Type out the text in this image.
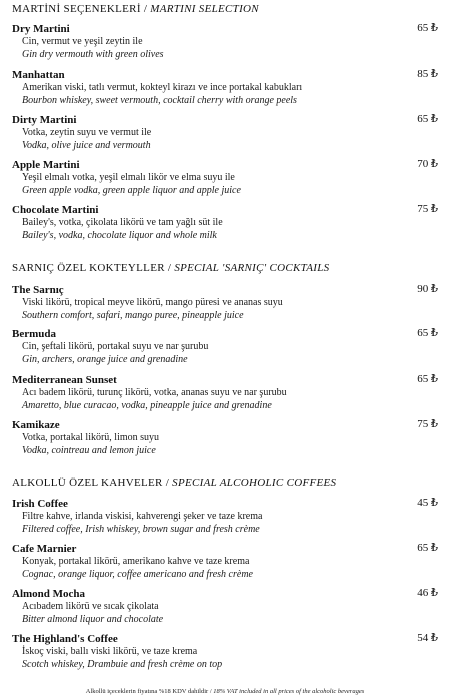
MARTİNİ SEÇENEKLERİ / MARTINI SELECTION
Dry Martini	65 ₺
Cin, vermut ve yeşil zeytin ile
Gin dry vermouth with green olives
Manhattan	85 ₺
Amerikan viski, tatlı vermut, kokteyl kirazı ve ince portakal kabukları
Bourbon whiskey, sweet vermouth, cocktail cherry with orange peels
Dirty Martini	65 ₺
Votka, zeytin suyu ve vermut ile
Vodka, olive juice and vermouth
Apple Martini	70 ₺
Yeşil elmalı votka, yeşil elmalı likör ve elma suyu ile
Green apple vodka, green apple liquor and apple juice
Chocolate Martini	75 ₺
Bailey's, votka, çikolata likörü ve tam yağlı süt ile
Bailey's, vodka, chocolate liquor and whole milk
SARNIÇ ÖZEL KOKTEYLLER / SPECIAL 'SARNIÇ' COCKTAILS
The Sarnıç	90 ₺
Viski likörü, tropical meyve likörü, mango püresi ve ananas suyu
Southern comfort, safari, mango puree, pineapple juice
Bermuda	65 ₺
Cin, şeftali likörü, portakal suyu ve nar şurubu
Gin, archers, orange juice and grenadine
Mediterranean Sunset	65 ₺
Acı badem likörü, turunç likörü, votka, ananas suyu ve nar şurubu
Amaretto, blue curacao, vodka, pineapple juice and grenadine
Kamikaze	75 ₺
Votka, portakal likörü, limon suyu
Vodka, cointreau and lemon juice
ALKOLLÜ ÖZEL KAHVELER / SPECIAL ALCOHOLIC COFFEES
Irish Coffee	45 ₺
Filtre kahve, irlanda viskisi, kahverengi şeker ve taze krema
Filtered coffee, Irish whiskey, brown sugar and fresh crème
Cafe Marnier	65 ₺
Konyak, portakal likörü, amerikano kahve ve taze krema
Cognac, orange liquor, coffee americano and fresh crème
Almond Mocha	46 ₺
Acıbadem likörü ve sıcak çikolata
Bitter almond liquor and chocolate
The Highland's Coffee	54 ₺
İskoç viski, ballı viski likörü, ve taze krema
Scotch whiskey, Drambuie and fresh crème on top
Alkollü içeceklerin fiyatına %18 KDV dahildir / 18% VAT included in all prices of the alcoholic beverages
